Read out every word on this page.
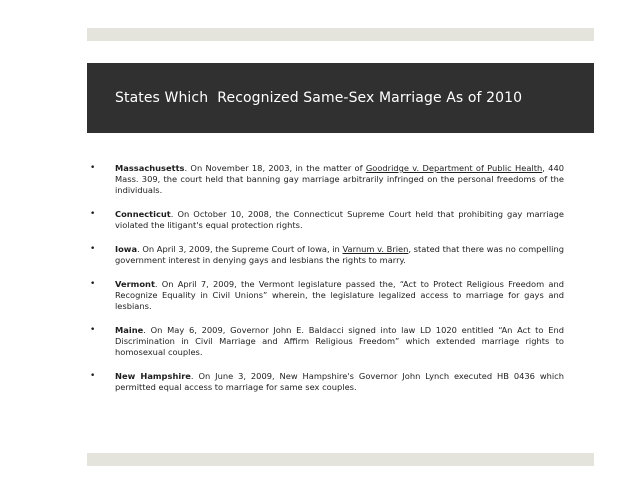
States Which  Recognized Same-Sex Marriage As of 2010
•	Massachusetts. On November 18, 2003, in the matter of Goodridge v. Department of Public Health, 440 Mass. 309, the court held that banning gay marriage arbitrarily infringed on the personal freedoms of the individuals.
•	Connecticut. On October 10, 2008, the Connecticut Supreme Court held that prohibiting gay marriage violated the litigant's equal protection rights.
•	Iowa. On April 3, 2009, the Supreme Court of Iowa, in Varnum v. Brien, stated that there was no compelling government interest in denying gays and lesbians the rights to marry.
•	Vermont. On April 7, 2009, the Vermont legislature passed the, “Act to Protect Religious Freedom and Recognize Equality in Civil Unions” wherein, the legislature legalized access to marriage for gays and lesbians.
•	Maine. On May 6, 2009, Governor John E. Baldacci signed into law LD 1020 entitled “An Act to End Discrimination in Civil Marriage and Affirm Religious Freedom” which extended marriage rights to homosexual couples.
•	New Hampshire. On June 3, 2009, New Hampshire's Governor John Lynch executed HB 0436 which permitted equal access to marriage for same sex couples.
